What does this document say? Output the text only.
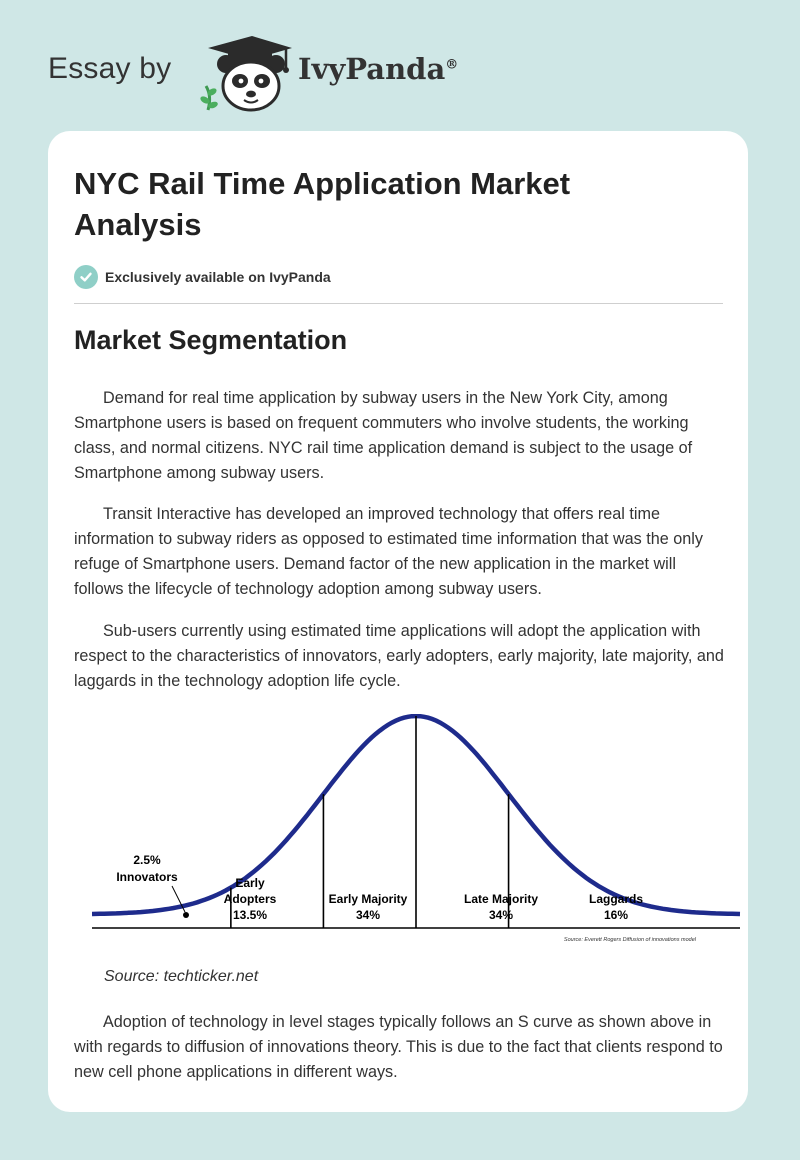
Essay by	IvyPanda®
NYC Rail Time Application Market Analysis
Exclusively available on IvyPanda
Market Segmentation

Demand for real time application by subway users in the New York City, among Smartphone users is based on frequent commuters who involve students, the working class, and normal citizens. NYC rail time application demand is subject to the usage of Smartphone among subway users.

Transit Interactive has developed an improved technology that offers real time information to subway riders as opposed to estimated time information that was the only refuge of Smartphone users. Demand factor of the new application in the market will follows the lifecycle of technology adoption among subway users.

Sub-users currently using estimated time applications will adopt the application with respect to the characteristics of innovators, early adopters, early majority, late majority, and laggards in the technology adoption life cycle.

2.5%
Innovators	Early
Adopters
13.5%
Early Majority
34%
Late Majority
34%
Laggards
16%
Source: Everett Rogers Diffusion of innovations model

Source: techticker.net

Adoption of technology in level stages typically follows an S curve as shown above in with regards to diffusion of innovations theory. This is due to the fact that clients respond to new cell phone applications in different ways.
